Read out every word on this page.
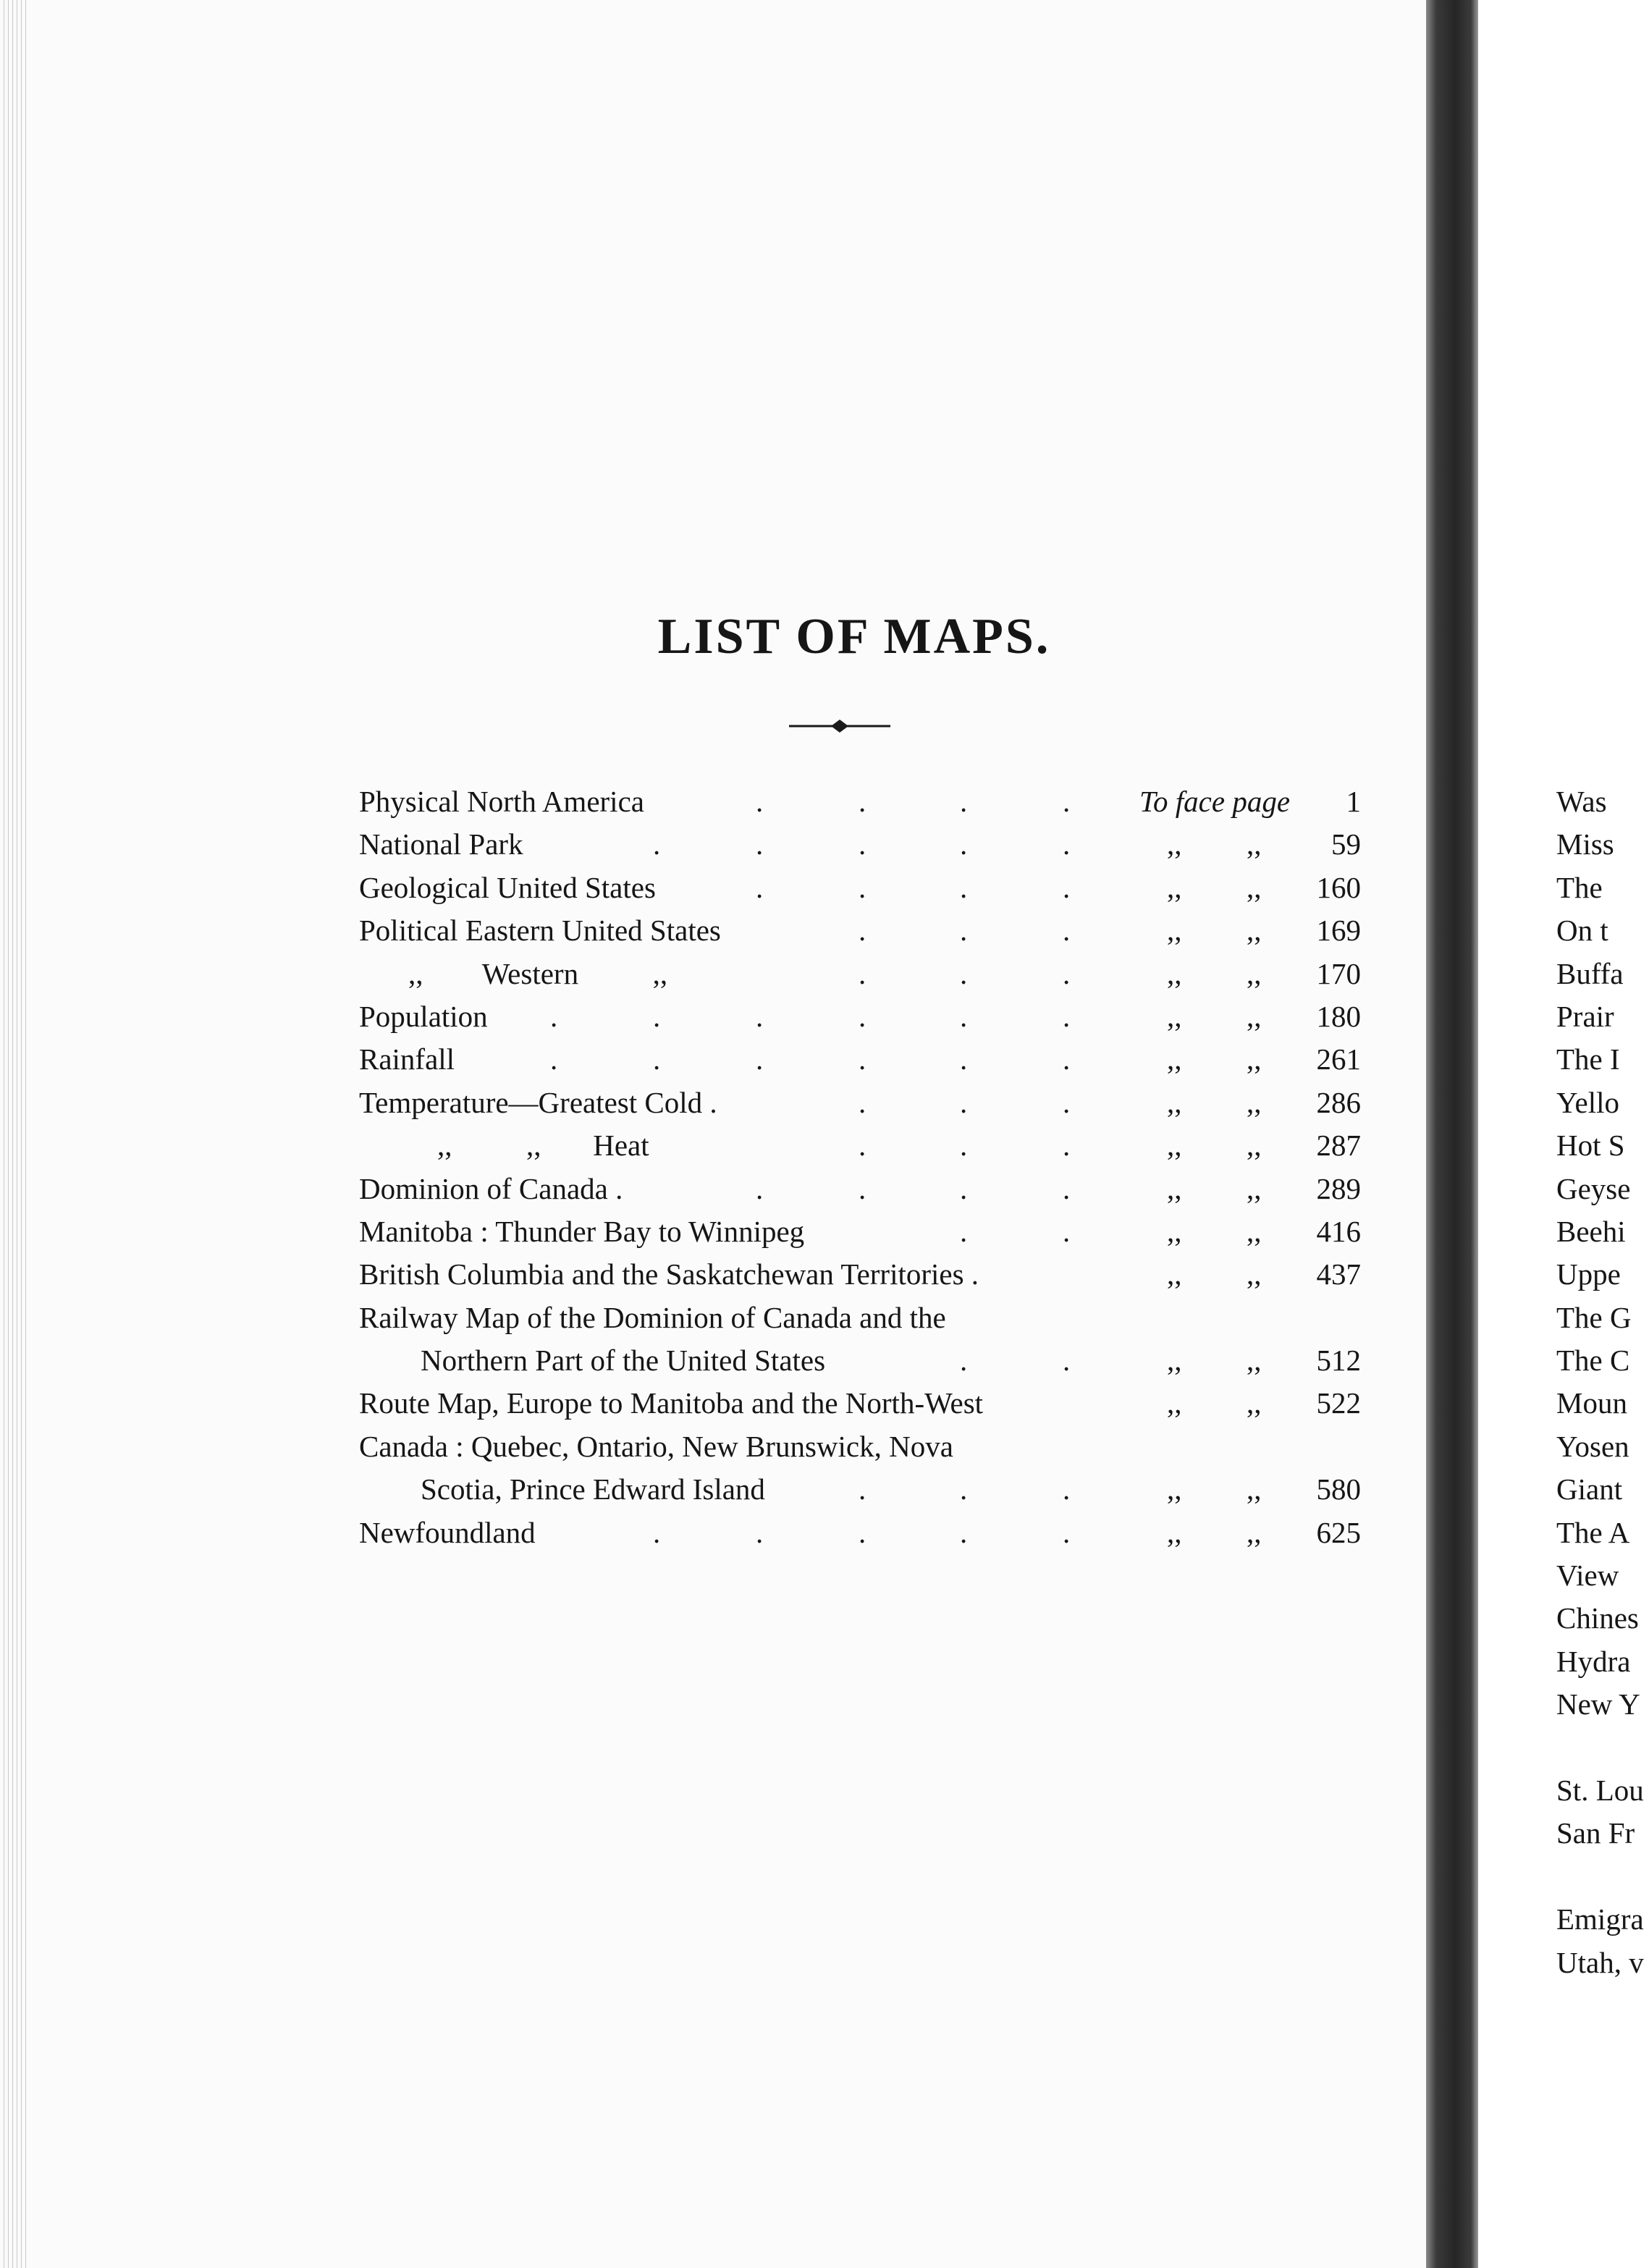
LIST OF MAPS.
Physical North America	.	.	.	. To face page	1
National Park	.	.	.	.	.	,, ,,	59
Geological United States	.	.	.	.	,, ,,	160
Political Eastern United States	.	.	.	,, ,,	169
,,        Western          ,,	.	.	.	,, ,,	170
Population .	.	.	.	.	.	,, ,,	180
Rainfall	.	.	.	.	.	.	,, ,,	261
Temperature—Greatest Cold .	.	.	.	,, ,,	286
,,          ,,       Heat	.	.	.	,, ,,	287
Dominion of Canada .	.	.	.	.	,, ,,	289
Manitoba : Thunder Bay to Winnipeg	.	.	,, ,,	416
British Columbia and the Saskatchewan Territories .	,, ,,	437
Railway Map of the Dominion of Canada and the
Northern Part of the United States	.	.	,, ,,	512
Route Map, Europe to Manitoba and the North-West	,, ,,	522
Canada : Quebec, Ontario, New Brunswick, Nova
Scotia, Prince Edward Island	.	.	.	,, ,,	580
Newfoundland	.	.	.	.	.	,, ,,	625
Was
Miss
The
On t
Buffa
Prair
The I
Yello
Hot S
Geyse
Beehi
Uppe
The G
The C
Moun
Yosen
Giant
The A
View
Chines
Hydra
New Y
St. Lou
San Fr
Emigra
Utah, v
